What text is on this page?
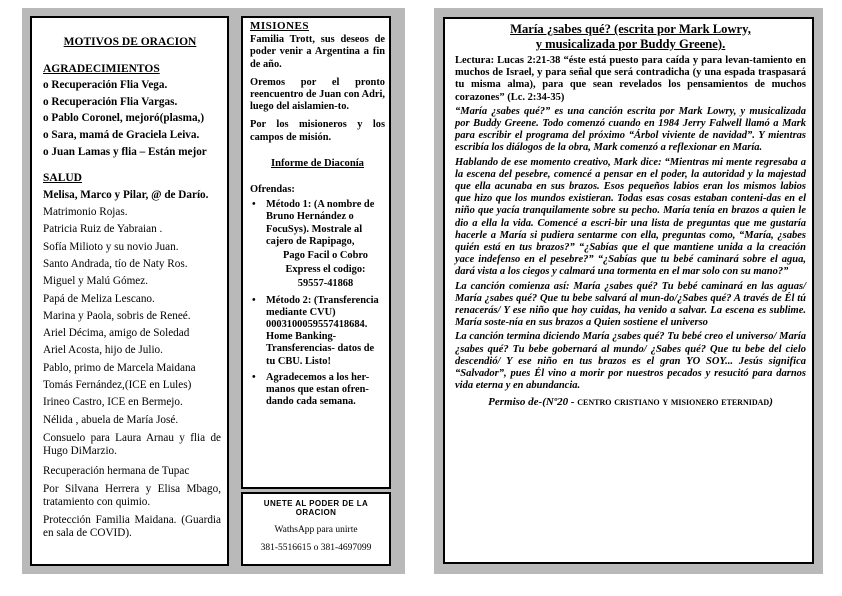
MOTIVOS DE ORACION
AGRADECIMIENTOS
o Recuperación Flia Vega.
o Recuperación Flia Vargas.
o Pablo Coronel, mejoró(plasma,)
o Sara, mamá de Graciela Leiva.
o Juan Lamas y flia – Están mejor
SALUD
Melisa, Marco y Pilar, @ de Darío.
Matrimonio Rojas.
Patricia Ruiz de Yabraian .
Sofía Milioto y su novio Juan.
Santo Andrada, tío de Naty Ros.
Miguel y Malú Gómez.
Papá de Meliza Lescano.
Marina y Paola, sobris de Reneé.
Ariel Décima, amigo de Soledad
Ariel Acosta, hijo de Julio.
Pablo, primo de Marcela Maidana
Tomás Fernández,(ICE en Lules)
Irineo Castro, ICE en Bermejo.
Nélida , abuela de María José.
Consuelo para Laura Arnau y flia de Hugo DiMarzio.
Recuperación hermana de Tupac
Por Silvana Herrera y Elisa Mbago, tratamiento con quimio.
Protección Familia Maidana. (Guardia en sala de COVID).
MISIONES
Familia Trott, sus deseos de poder venir a Argentina a fin de año.
Oremos por el pronto reencuentro de Juan con Adri, luego del aislamien-to.
Por los misioneros y los campos de misión.
Informe de Diaconía
Ofrendas:
• Método 1: (A nombre de Bruno Hernández o FocuSys). Mostrale al cajero de Rapipago,
Pago Facil o Cobro
Express el codigo:
59557-41868
• Método 2: (Transferencia mediante CVU) 0003100059557418684. Home Banking- Transferencias- datos de tu CBU. Listo!
• Agradecemos a los her-manos que estan ofren-dando cada semana.
UNETE AL PODER DE LA ORACION
WathsApp para unirte
381-5516615 o 381-4697099
María ¿sabes qué? (escrita por Mark Lowry,
y musicalizada por Buddy Greene).

Lectura: Lucas 2:21-38 “éste está puesto para caída y para levan-tamiento en muchos de Israel, y para señal que será contradicha (y una espada traspasará tu misma alma), para que sean revelados los pensamientos de muchos corazones” (Lc. 2:34-35)

“María ¿sabes qué?” es una canción escrita por Mark Lowry, y musicalizada por Buddy Greene. Todo comenzó cuando en 1984 Jerry Falwell llamó a Mark para escribir el programa del próximo “Árbol viviente de navidad”. Y mientras escribía los diálogos de la obra, Mark comenzó a reflexionar en María.

Hablando de ese momento creativo, Mark dice: “Mientras mi mente regresaba a la escena del pesebre, comencé a pensar en el poder, la autoridad y la majestad que ella acunaba en sus brazos. Esos pequeños labios eran los mismos labios que hizo que los mundos existieran. Todas esas cosas estaban conteni-das en el niño que yacía tranquilamente sobre su pecho. María tenía en brazos a quien le dio a ella la vida. Comencé a escri-bir una lista de preguntas que me gustaría hacerle a María si pudiera sentarme con ella, preguntas como, “María, ¿sabes quién está en tus brazos?” “¿Sabías que el que mantiene unida a la creación yace indefenso en el pesebre?” “¿Sabías que tu bebé caminará sobre el agua, dará vista a los ciegos y calmará una tormenta en el mar solo con su mano?”

La canción comienza así: María ¿sabes qué? Tu bebé caminará en las aguas/ María ¿sabes qué? Que tu bebe salvará al mun-do/¿Sabes qué? A través de Él tú renacerás/ Y ese niño que hoy cuidas, ha venido a salvar. La escena es sublime. María soste-nía en sus brazos a Quien sostiene el universo

La canción termina diciendo María ¿sabes qué? Tu bebé creo el universo/ María ¿sabes qué? Tu bebe gobernará al mundo/ ¿Sabes qué? Que tu bebe del cielo descendió/ Y ese niño en tus brazos es el gran YO SOY... Jesús significa “Salvador”, pues Él vino a morir por nuestros pecados y resucitó para darnos vida eterna y en abundancia.

Permiso de-(Nº20 - centro cristiano y misionero eternidad)
